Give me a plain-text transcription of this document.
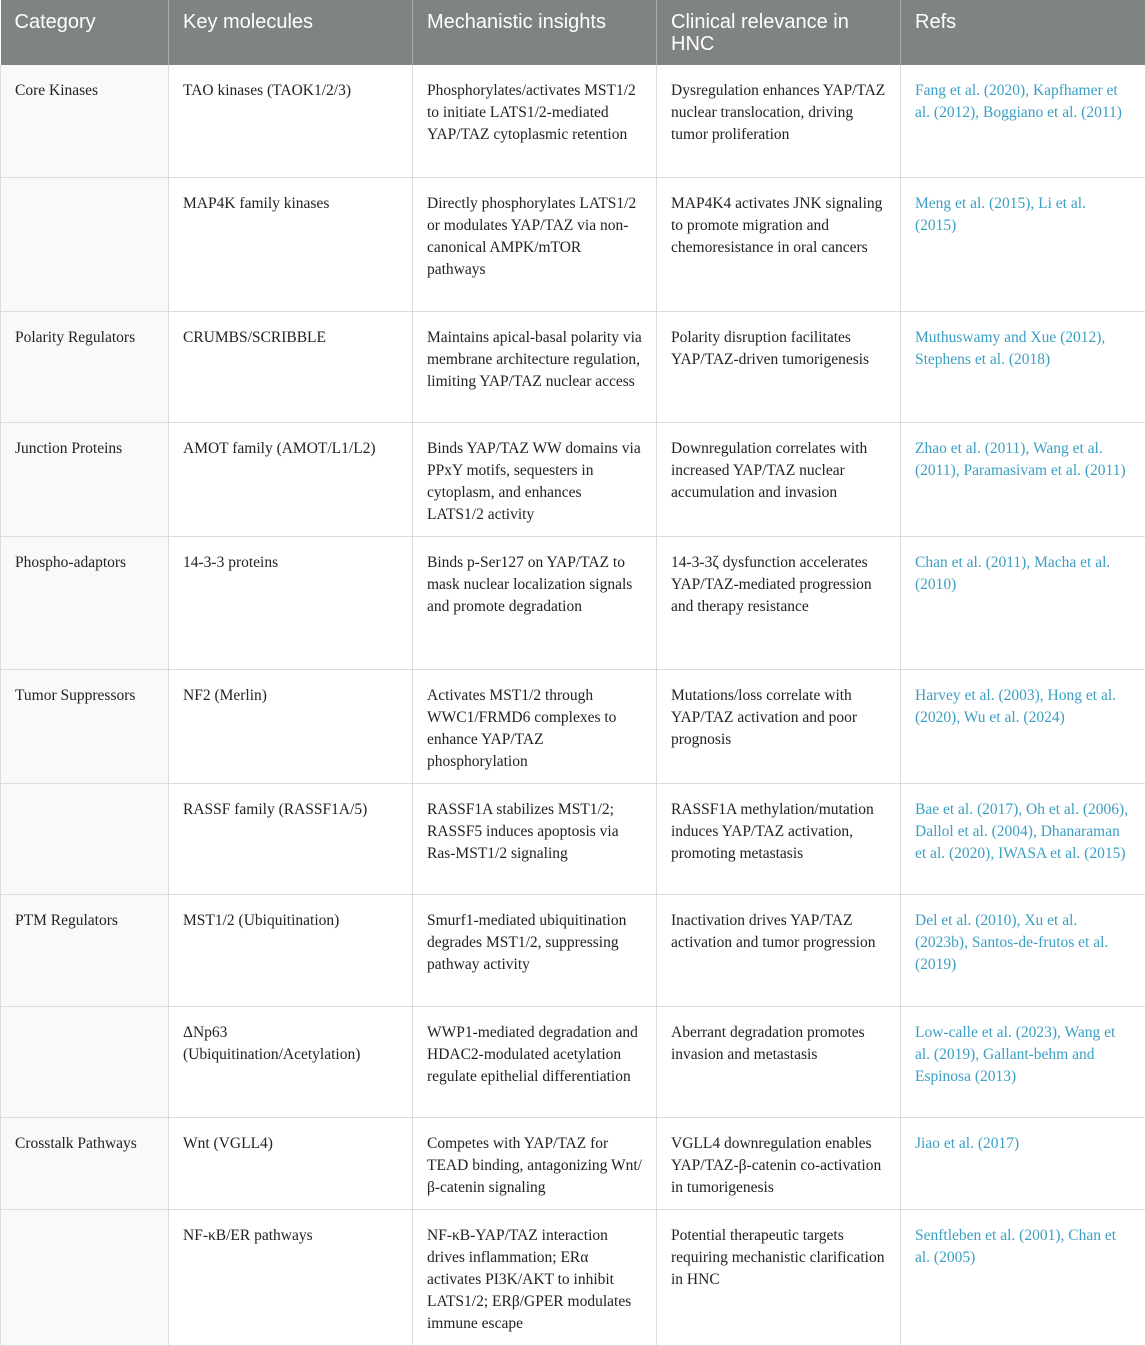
Category	Key molecules	Mechanistic insights	Clinical relevance in HNC	Refs
Core Kinases	TAO kinases (TAOK1/2/3)	Phosphorylates/activates MST1/2 to initiate LATS1/2-mediated YAP/TAZ cytoplasmic retention	Dysregulation enhances YAP/TAZ nuclear translocation, driving tumor proliferation	Fang et al. (2020), Kapfhamer et al. (2012), Boggiano et al. (2011)
	MAP4K family kinases	Directly phosphorylates LATS1/2 or modulates YAP/TAZ via non-canonical AMPK/mTOR pathways	MAP4K4 activates JNK signaling to promote migration and chemoresistance in oral cancers	Meng et al. (2015), Li et al. (2015)
Polarity Regulators	CRUMBS/SCRIBBLE	Maintains apical-basal polarity via membrane architecture regulation, limiting YAP/TAZ nuclear access	Polarity disruption facilitates YAP/TAZ-driven tumorigenesis	Muthuswamy and Xue (2012), Stephens et al. (2018)
Junction Proteins	AMOT family (AMOT/L1/L2)	Binds YAP/TAZ WW domains via PPxY motifs, sequesters in cytoplasm, and enhances LATS1/2 activity	Downregulation correlates with increased YAP/TAZ nuclear accumulation and invasion	Zhao et al. (2011), Wang et al. (2011), Paramasivam et al. (2011)
Phospho-adaptors	14-3-3 proteins	Binds p-Ser127 on YAP/TAZ to mask nuclear localization signals and promote degradation	14-3-3ζ dysfunction accelerates YAP/TAZ-mediated progression and therapy resistance	Chan et al. (2011), Macha et al. (2010)
Tumor Suppressors	NF2 (Merlin)	Activates MST1/2 through WWC1/FRMD6 complexes to enhance YAP/TAZ phosphorylation	Mutations/loss correlate with YAP/TAZ activation and poor prognosis	Harvey et al. (2003), Hong et al. (2020), Wu et al. (2024)
	RASSF family (RASSF1A/5)	RASSF1A stabilizes MST1/2; RASSF5 induces apoptosis via Ras-MST1/2 signaling	RASSF1A methylation/mutation induces YAP/TAZ activation, promoting metastasis	Bae et al. (2017), Oh et al. (2006), Dallol et al. (2004), Dhanaraman et al. (2020), IWASA et al. (2015)
PTM Regulators	MST1/2 (Ubiquitination)	Smurf1-mediated ubiquitination degrades MST1/2, suppressing pathway activity	Inactivation drives YAP/TAZ activation and tumor progression	Del et al. (2010), Xu et al. (2023b), Santos-de-frutos et al. (2019)
	ΔNp63 (Ubiquitination/Acetylation)	WWP1-mediated degradation and HDAC2-modulated acetylation regulate epithelial differentiation	Aberrant degradation promotes invasion and metastasis	Low-calle et al. (2023), Wang et al. (2019), Gallant-behm and Espinosa (2013)
Crosstalk Pathways	Wnt (VGLL4)	Competes with YAP/TAZ for TEAD binding, antagonizing Wnt/β-catenin signaling	VGLL4 downregulation enables YAP/TAZ-β-catenin co-activation in tumorigenesis	Jiao et al. (2017)
	NF-κB/ER pathways	NF-κB-YAP/TAZ interaction drives inflammation; ERα activates PI3K/AKT to inhibit LATS1/2; ERβ/GPER modulates immune escape	Potential therapeutic targets requiring mechanistic clarification in HNC	Senftleben et al. (2001), Chan et al. (2005)
